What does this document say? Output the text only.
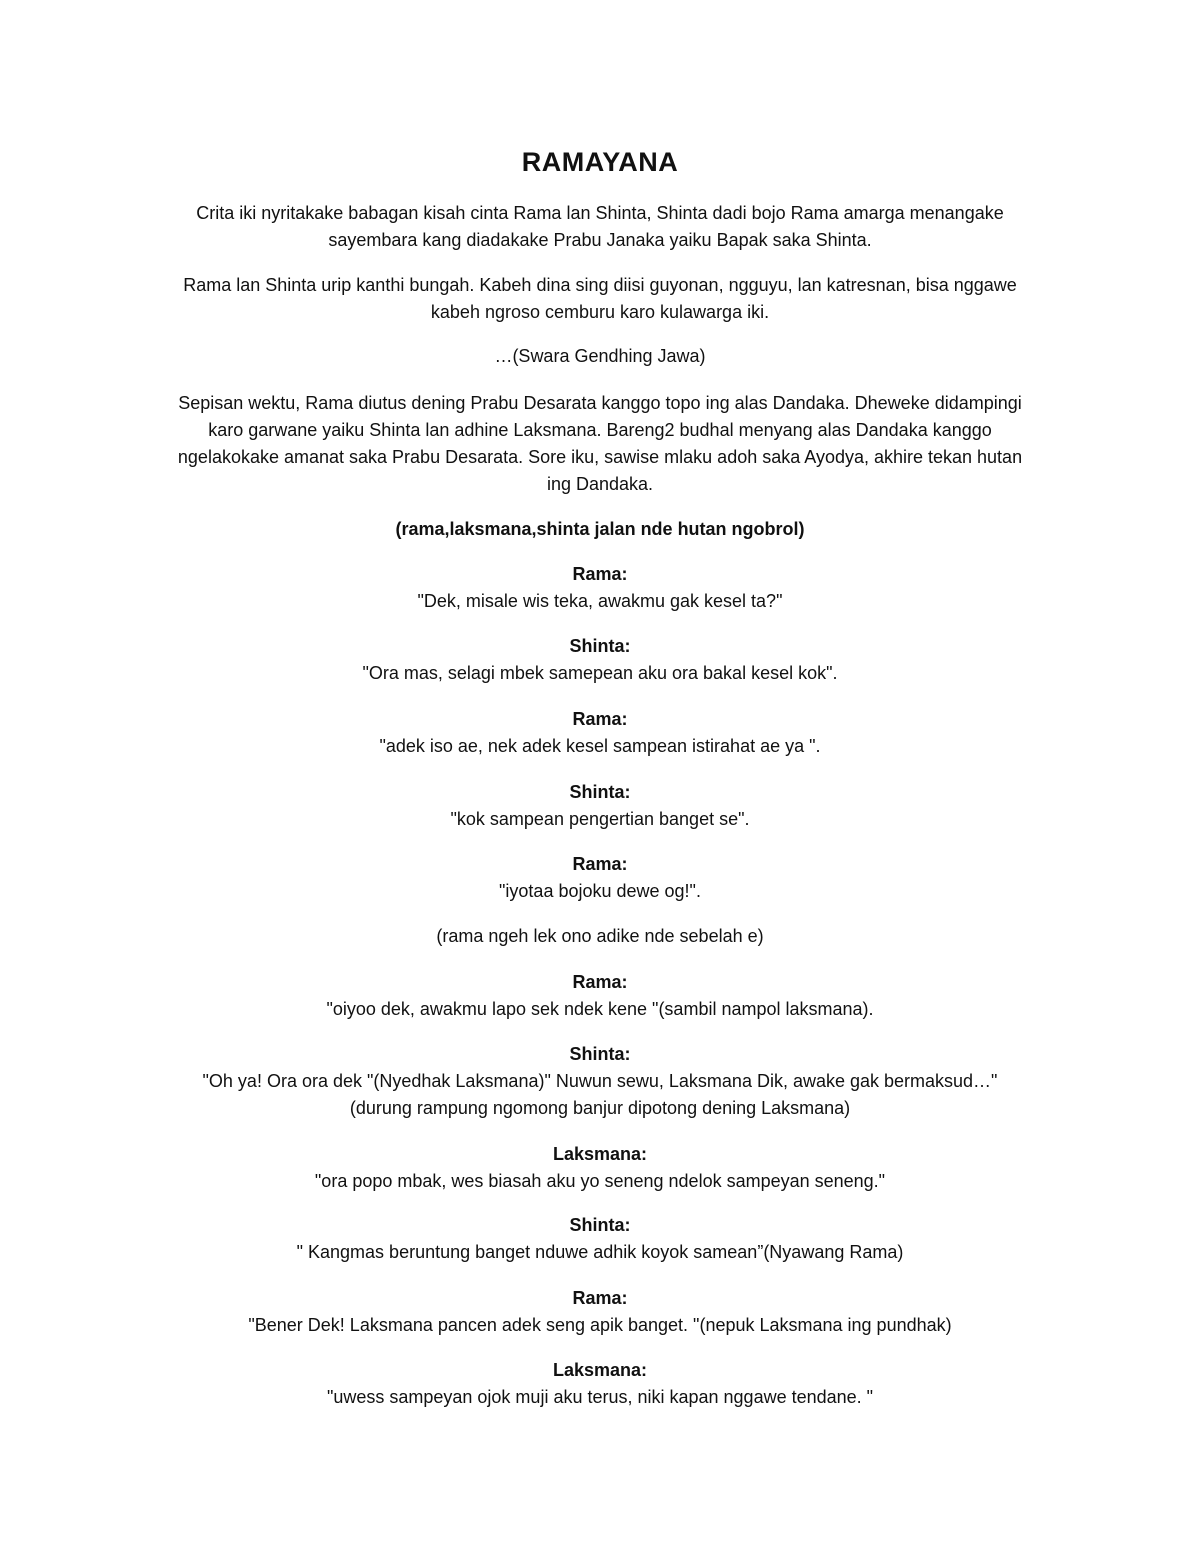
RAMAYANA

Crita iki nyritakake babagan kisah cinta Rama lan Shinta, Shinta dadi bojo Rama amarga menangake
sayembara kang diadakake Prabu Janaka yaiku Bapak saka Shinta.

Rama lan Shinta urip kanthi bungah. Kabeh dina sing diisi guyonan, ngguyu, lan katresnan, bisa nggawe
kabeh ngroso cemburu karo kulawarga iki.

…(Swara Gendhing Jawa)

Sepisan wektu, Rama diutus dening Prabu Desarata kanggo topo ing alas Dandaka. Dheweke didampingi
karo garwane yaiku Shinta lan adhine Laksmana. Bareng2 budhal menyang alas Dandaka kanggo
ngelakokake amanat saka Prabu Desarata. Sore iku, sawise mlaku adoh saka Ayodya, akhire tekan hutan
ing Dandaka.

(rama,laksmana,shinta jalan nde hutan ngobrol)

Rama:

"Dek, misale wis teka, awakmu gak kesel ta?"

Shinta:

"Ora mas, selagi mbek samepean aku ora bakal kesel kok".

Rama:

"adek iso ae, nek adek kesel sampean istirahat ae ya ".

Shinta:

"kok sampean pengertian banget se".

Rama:

"iyotaa bojoku dewe og!".

(rama ngeh lek ono adike nde sebelah e)

Rama:

"oiyoo dek, awakmu lapo sek ndek kene "(sambil nampol laksmana).

Shinta:

"Oh ya! Ora ora dek "(Nyedhak Laksmana)" Nuwun sewu, Laksmana Dik, awake gak bermaksud…"
(durung rampung ngomong banjur dipotong dening Laksmana)

Laksmana:

"ora popo mbak, wes biasah aku yo seneng ndelok sampeyan seneng."

Shinta:

" Kangmas beruntung banget nduwe adhik koyok samean”(Nyawang Rama)

Rama:

"Bener Dek! Laksmana pancen adek seng apik banget. "(nepuk Laksmana ing pundhak)

Laksmana:

"uwess sampeyan ojok muji aku terus, niki kapan nggawe tendane. "
